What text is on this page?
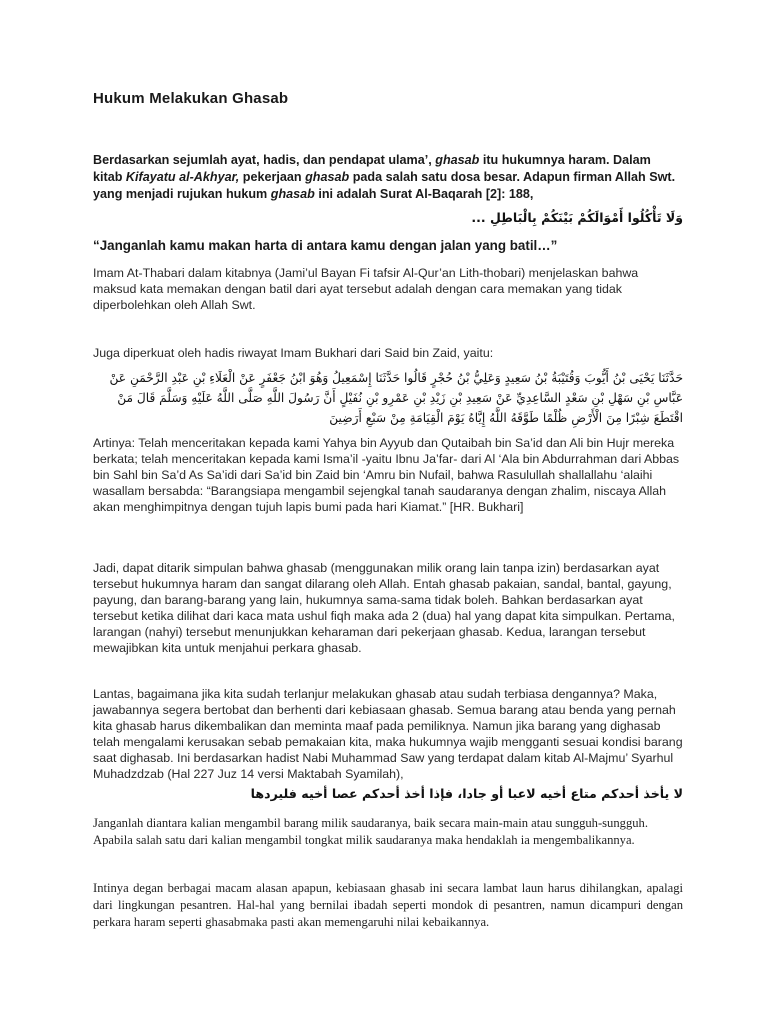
Hukum Melakukan Ghasab
Berdasarkan sejumlah ayat, hadis, dan pendapat ulama’, ghasab itu hukumnya haram. Dalam kitab Kifayatu al-Akhyar, pekerjaan ghasab pada salah satu dosa besar. Adapun firman Allah Swt. yang menjadi rujukan hukum ghasab ini adalah Surat Al-Baqarah [2]: 188,
وَلَا تَأْكُلُوا أَمْوَالَكُمْ بَيْنَكُمْ بِالْبَاطِلِ ...
“Janganlah kamu makan harta di antara kamu dengan jalan yang batil…”
Imam At-Thabari dalam kitabnya (Jami’ul Bayan Fi tafsir Al-Qur’an Lith-thobari) menjelaskan bahwa maksud kata memakan dengan batil dari ayat tersebut adalah dengan cara memakan yang tidak diperbolehkan oleh Allah Swt.
Juga diperkuat oleh hadis riwayat Imam Bukhari dari Said bin Zaid, yaitu:
حَدَّثَنَا يَحْيَى بْنُ أَيُّوبَ وَقُتَيْبَةُ بْنُ سَعِيدٍ وَعَلِيُّ بْنُ حُجْرٍ قَالُوا حَدَّثَنَا إِسْمَعِيلُ وَهُوَ ابْنُ جَعْفَرٍ عَنْ الْعَلَاءِ بْنِ عَبْدِ الرَّحْمَنِ عَنْ عَبَّاسِ بْنِ سَهْلِ بْنِ سَعْدٍ السَّاعِدِيِّ عَنْ سَعِيدِ بْنِ زَيْدِ بْنِ عَمْرِو بْنِ نُفَيْلٍ أَنَّ رَسُولَ اللَّهِ صَلَّى اللَّهُ عَلَيْهِ وَسَلَّمَ قَالَ مَنْ اقْتَطَعَ شِبْرًا مِنَ الْأَرْضِ ظُلْمًا طَوَّقَهُ اللَّهُ إِيَّاهُ يَوْمَ الْقِيَامَةِ مِنْ سَبْعِ أَرَضِينَ
Artinya: Telah menceritakan kepada kami Yahya bin Ayyub dan Qutaibah bin Sa’id dan Ali bin Hujr mereka berkata; telah menceritakan kepada kami Isma’il -yaitu Ibnu Ja’far- dari Al ‘Ala bin Abdurrahman dari Abbas bin Sahl bin Sa’d As Sa’idi dari Sa’id bin Zaid bin ‘Amru bin Nufail, bahwa Rasulullah shallallahu ‘alaihi wasallam bersabda: “Barangsiapa mengambil sejengkal tanah saudaranya dengan zhalim, niscaya Allah akan menghimpitnya dengan tujuh lapis bumi pada hari Kiamat.” [HR. Bukhari]
Jadi, dapat ditarik simpulan bahwa ghasab (menggunakan milik orang lain tanpa izin) berdasarkan ayat tersebut hukumnya haram dan sangat dilarang oleh Allah. Entah ghasab pakaian, sandal, bantal, gayung, payung, dan barang-barang yang lain, hukumnya sama-sama tidak boleh. Bahkan berdasarkan ayat tersebut ketika dilihat dari kaca mata ushul fiqh maka ada 2 (dua) hal yang dapat kita simpulkan. Pertama, larangan (nahyi) tersebut menunjukkan keharaman dari pekerjaan ghasab. Kedua, larangan tersebut mewajibkan kita untuk menjahui perkara ghasab.
Lantas, bagaimana jika kita sudah terlanjur melakukan ghasab atau sudah terbiasa dengannya? Maka, jawabannya segera bertobat dan berhenti dari kebiasaan ghasab. Semua barang atau benda yang pernah kita ghasab harus dikembalikan dan meminta maaf pada pemiliknya. Namun jika barang yang dighasab telah mengalami kerusakan sebab pemakaian kita, maka hukumnya wajib mengganti sesuai kondisi barang saat dighasab. Ini berdasarkan hadist Nabi Muhammad Saw yang terdapat dalam kitab Al-Majmu’ Syarhul Muhadzdzab (Hal 227 Juz 14 versi Maktabah Syamilah),
لا يأخذ أحدكم متاع أخيه لاعبا أو جادا، فإذا أخذ أحدكم عصا أخيه فليردها
Janganlah diantara kalian mengambil barang milik saudaranya, baik secara main-main atau sungguh-sungguh. Apabila salah satu dari kalian mengambil tongkat milik saudaranya maka hendaklah ia mengembalikannya.
Intinya degan berbagai macam alasan apapun, kebiasaan ghasab ini secara lambat laun harus dihilangkan, apalagi dari lingkungan pesantren. Hal-hal yang bernilai ibadah seperti mondok di pesantren, namun dicampuri dengan perkara haram seperti ghasabmaka pasti akan memengaruhi nilai kebaikannya.
